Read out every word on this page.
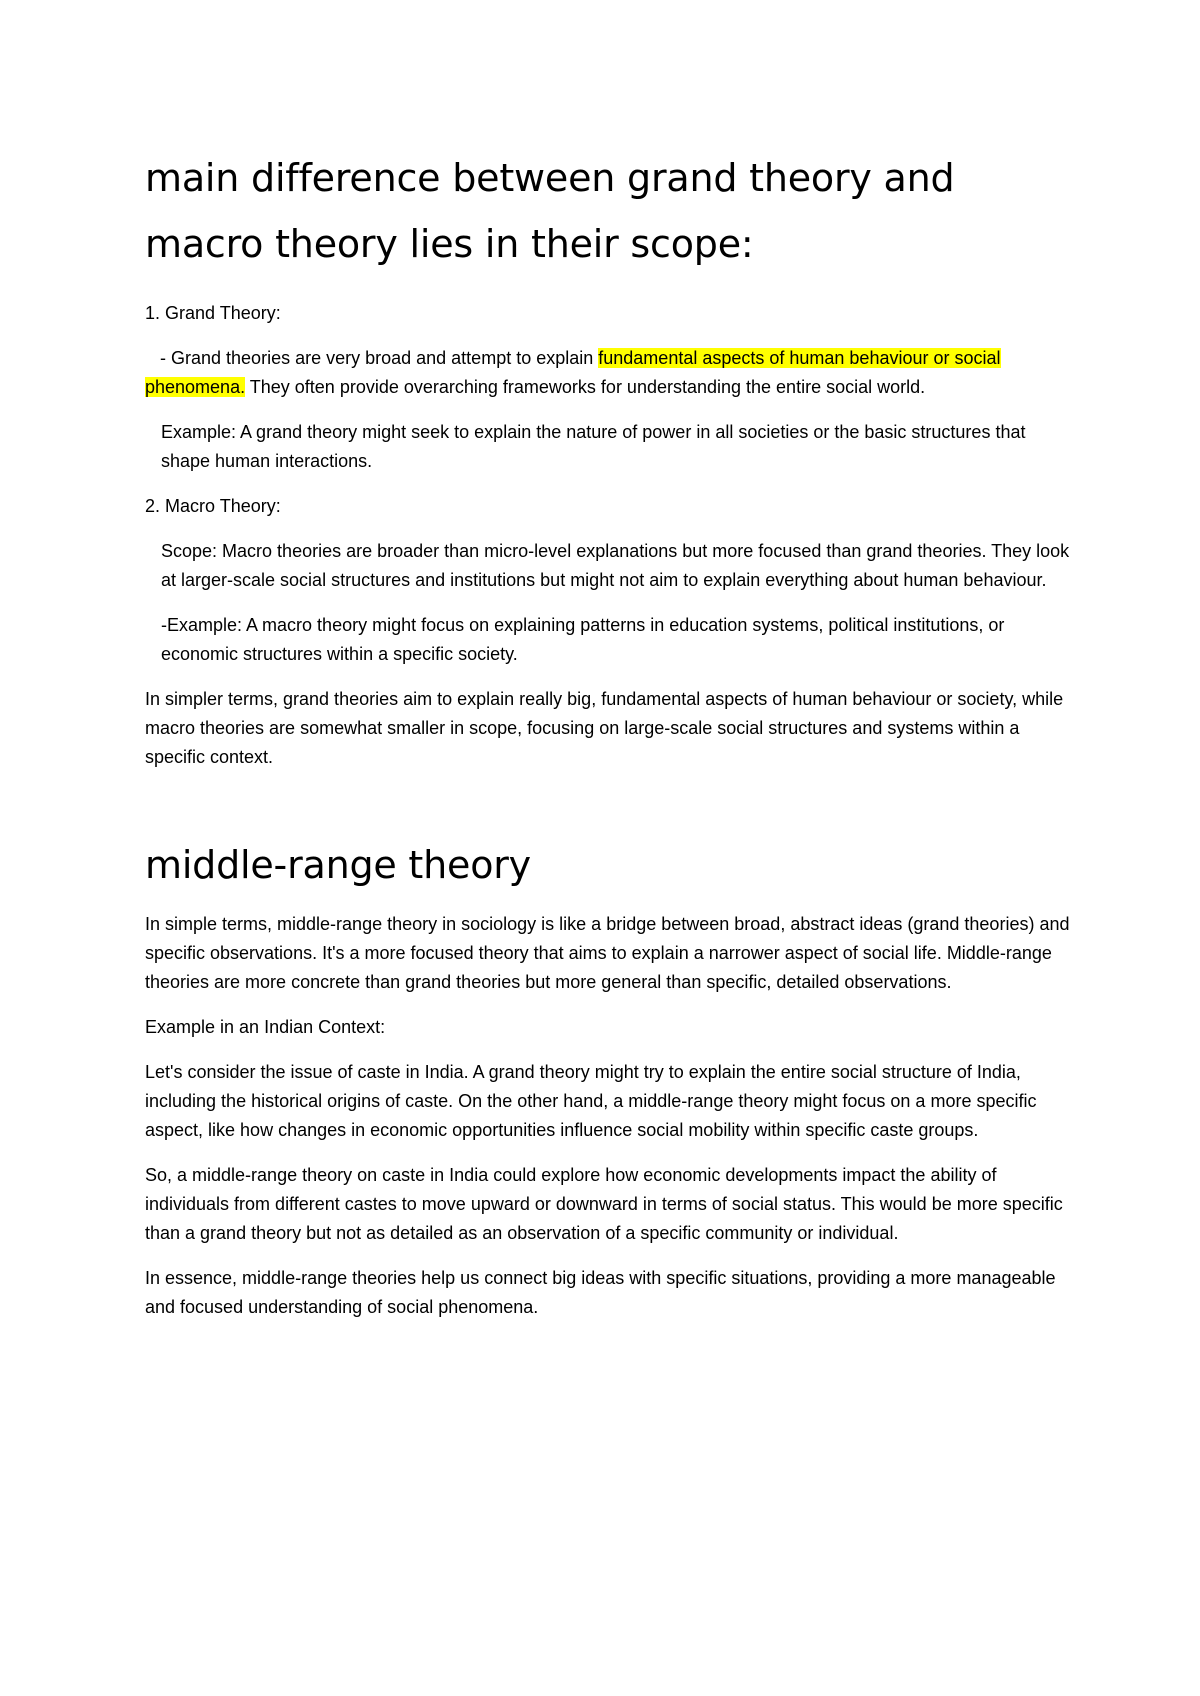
main difference between grand theory and macro theory lies in their scope:

1. Grand Theory:

- Grand theories are very broad and attempt to explain fundamental aspects of human behaviour or social phenomena. They often provide overarching frameworks for understanding the entire social world.

Example: A grand theory might seek to explain the nature of power in all societies or the basic structures that shape human interactions.

2. Macro Theory:

Scope: Macro theories are broader than micro-level explanations but more focused than grand theories. They look at larger-scale social structures and institutions but might not aim to explain everything about human behaviour.

-Example: A macro theory might focus on explaining patterns in education systems, political institutions, or economic structures within a specific society.

In simpler terms, grand theories aim to explain really big, fundamental aspects of human behaviour or society, while macro theories are somewhat smaller in scope, focusing on large-scale social structures and systems within a specific context.

middle-range theory

In simple terms, middle-range theory in sociology is like a bridge between broad, abstract ideas (grand theories) and specific observations. It's a more focused theory that aims to explain a narrower aspect of social life. Middle-range theories are more concrete than grand theories but more general than specific, detailed observations.

Example in an Indian Context:

Let's consider the issue of caste in India. A grand theory might try to explain the entire social structure of India, including the historical origins of caste. On the other hand, a middle-range theory might focus on a more specific aspect, like how changes in economic opportunities influence social mobility within specific caste groups.

So, a middle-range theory on caste in India could explore how economic developments impact the ability of individuals from different castes to move upward or downward in terms of social status. This would be more specific than a grand theory but not as detailed as an observation of a specific community or individual.

In essence, middle-range theories help us connect big ideas with specific situations, providing a more manageable and focused understanding of social phenomena.
